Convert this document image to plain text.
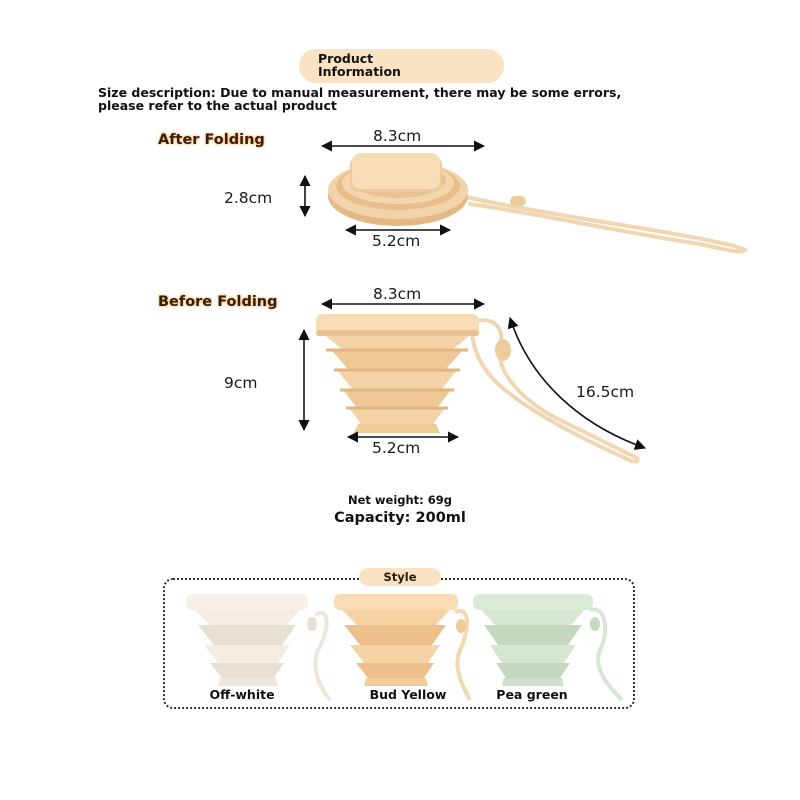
Product
Information
Size description: Due to manual measurement, there may be some errors,
please refer to the actual product
After Folding	8.3cm
2.8cm
5.2cm
Before Folding	8.3cm
9cm
5.2cm
16.5cm
Net weight: 69g
Capacity: 200ml
Style
Off-white	Bud Yellow	Pea green
